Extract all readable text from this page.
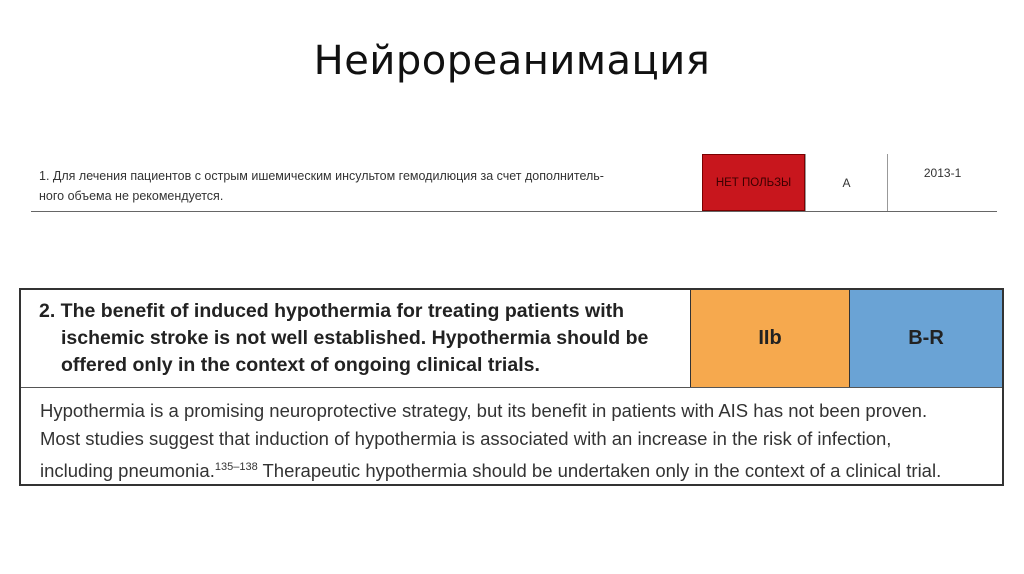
Нейрореанимация
1. Для лечения пациентов с острым ишемическим инсультом гемодилюция за счет дополнитель-
ного объема не рекомендуется.
НЕТ ПОЛЬЗЫ	A
2013-1
2. The benefit of induced hypothermia for treating patients with
ischemic stroke is not well established. Hypothermia should be
offered only in the context of ongoing clinical trials.
IIb	B-R
Hypothermia is a promising neuroprotective strategy, but its benefit in patients with AIS has not been proven.
Most studies suggest that induction of hypothermia is associated with an increase in the risk of infection,
including pneumonia.$^{135-138}$ Therapeutic hypothermia should be undertaken only in the context of a clinical trial.
